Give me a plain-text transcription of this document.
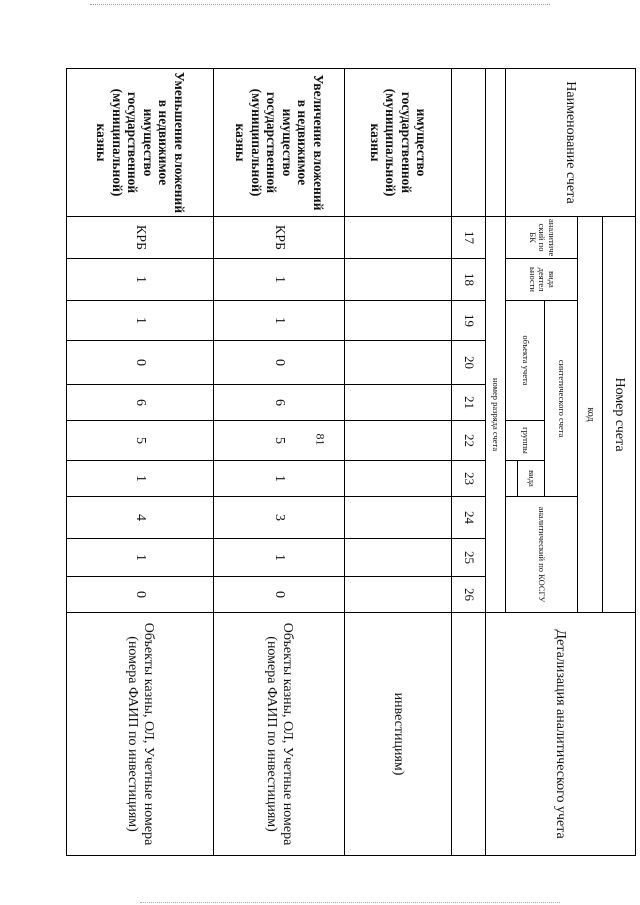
81
Наименование счета	Номер счета										Детализация аналитического учета
	код										
	аналитиче ский по БК	вида деятел ьности	синтетического счета					аналитический по КОСГУ			
			объекта учета			группы	вида				

	номер разряда счета										
	17	18	19	20	21	22	23	24	25	26	
имущество государственной (муниципальной) казны											инвестициям)
Увеличение вложений в недвижимое имущество государственной (муниципальной) казны	КРБ	1	1	0	6	5	1	3	1	0	Объекты казны, ОЛ, Учетные номера (номера ФАИП по инвестициям)
Уменьшение вложений в недвижимое имущество государственной (муниципальной) казны	КРБ	1	1	0	6	5	1	4	1	0	Объекты казны, ОЛ, Учетные номера (номера ФАИП по инвестициям)
